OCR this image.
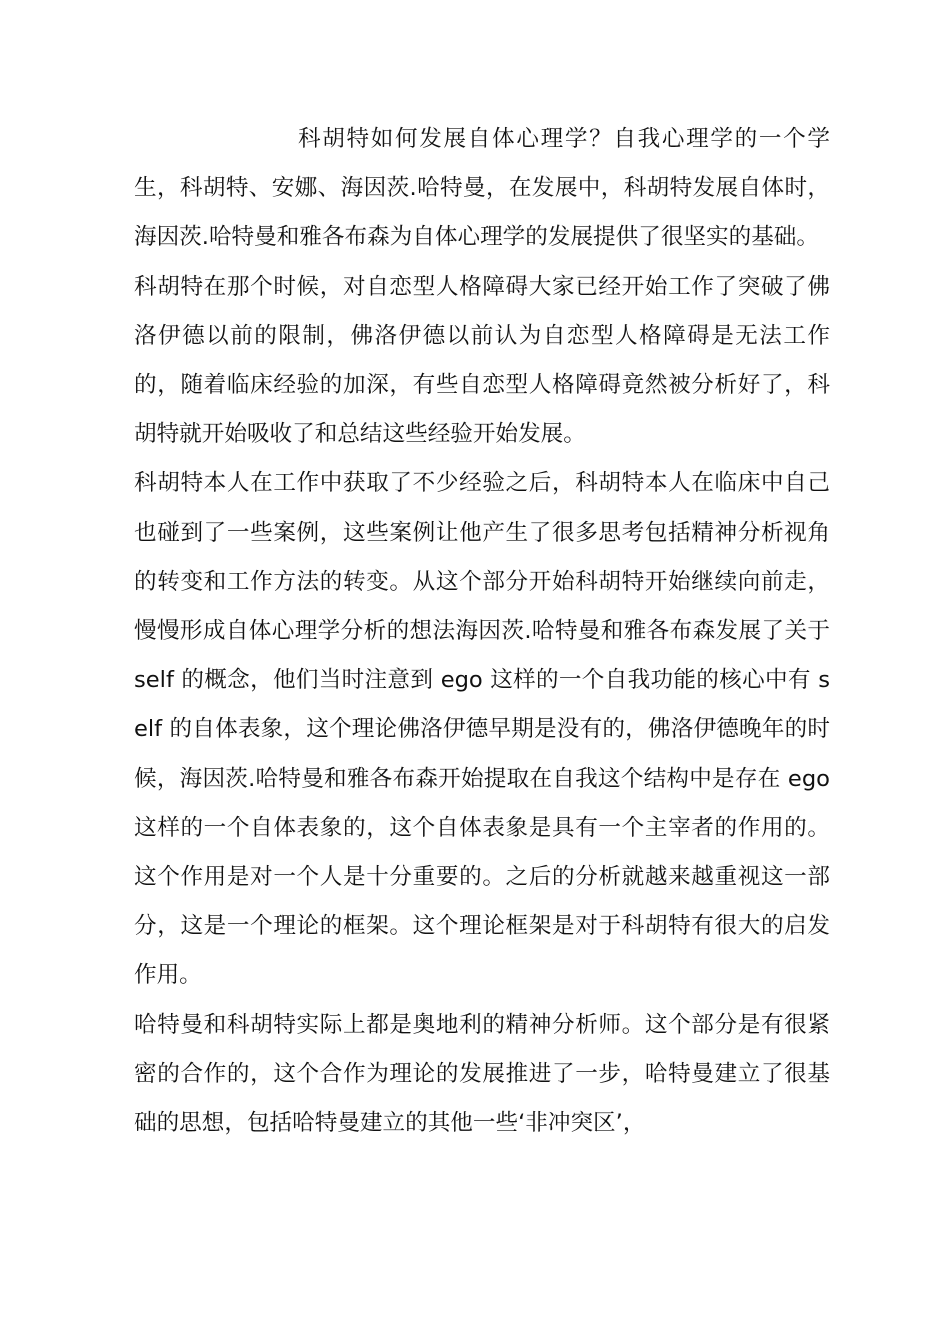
科胡特如何发展自体心理学？自我心理学的一个学生，科胡特、安娜、海因茨.哈特曼，在发展中，科胡特发展自体时，海因茨.哈特曼和雅各布森为自体心理学的发展提供了很坚实的基础。

科胡特在那个时候，对自恋型人格障碍大家已经开始工作了突破了佛洛伊德以前的限制，佛洛伊德以前认为自恋型人格障碍是无法工作的，随着临床经验的加深，有些自恋型人格障碍竟然被分析好了，科胡特就开始吸收了和总结这些经验开始发展。

科胡特本人在工作中获取了不少经验之后，科胡特本人在临床中自己也碰到了一些案例，这些案例让他产生了很多思考包括精神分析视角的转变和工作方法的转变。从这个部分开始科胡特开始继续向前走，慢慢形成自体心理学分析的想法海因茨.哈特曼和雅各布森发展了关于 self 的概念，他们当时注意到 ego 这样的一个自我功能的核心中有 self 的自体表象，这个理论佛洛伊德早期是没有的，佛洛伊德晚年的时候，海因茨.哈特曼和雅各布森开始提取在自我这个结构中是存在 ego 这样的一个自体表象的，这个自体表象是具有一个主宰者的作用的。这个作用是对一个人是十分重要的。之后的分析就越来越重视这一部分，这是一个理论的框架。这个理论框架是对于科胡特有很大的启发作用。

哈特曼和科胡特实际上都是奥地利的精神分析师。这个部分是有很紧密的合作的，这个合作为理论的发展推进了一步，哈特曼建立了很基础的思想，包括哈特曼建立的其他一些‘非冲突区’，
